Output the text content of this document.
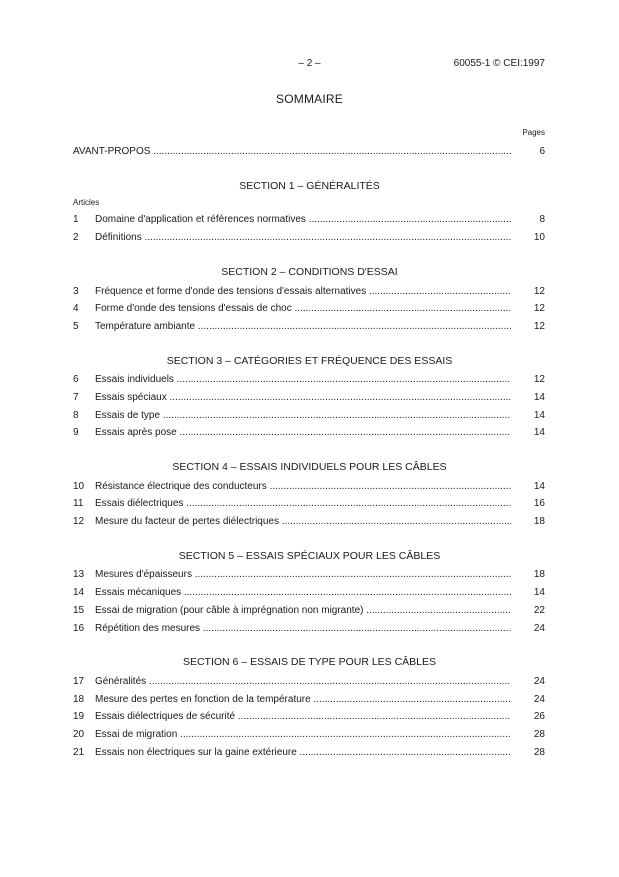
– 2 –	60055-1 © CEI:1997
SOMMAIRE
Pages
AVANT-PROPOS .....	6
SECTION 1 – GÉNÉRALITÉS
Articles
1 Domaine d'application et références normatives .....	8
2 Définitions .....	10
SECTION 2 – CONDITIONS D'ESSAI
3 Fréquence et forme d'onde des tensions d'essais alternatives .....	12
4 Forme d'onde des tensions d'essais de choc .....	12
5 Température ambiante .....	12
SECTION 3 – CATÉGORIES ET FRÉQUENCE DES ESSAIS
6 Essais individuels .....	12
7 Essais spéciaux .....	14
8 Essais de type .....	14
9 Essais après pose .....	14
SECTION 4 – ESSAIS INDIVIDUELS POUR LES CÂBLES
10 Résistance électrique des conducteurs .....	14
11 Essais diélectriques .....	16
12 Mesure du facteur de pertes diélectriques .....	18
SECTION 5 – ESSAIS SPÉCIAUX POUR LES CÂBLES
13 Mesures d'épaisseurs .....	18
14 Essais mécaniques .....	14
15 Essai de migration (pour câble à imprégnation non migrante) .....	22
16 Répétition des mesures .....	24
SECTION 6 – ESSAIS DE TYPE POUR LES CÂBLES
17 Généralités .....	24
18 Mesure des pertes en fonction de la température .....	24
19 Essais diélectriques de sécurité .....	26
20 Essai de migration .....	28
21 Essais non électriques sur la gaine extérieure .....	28
